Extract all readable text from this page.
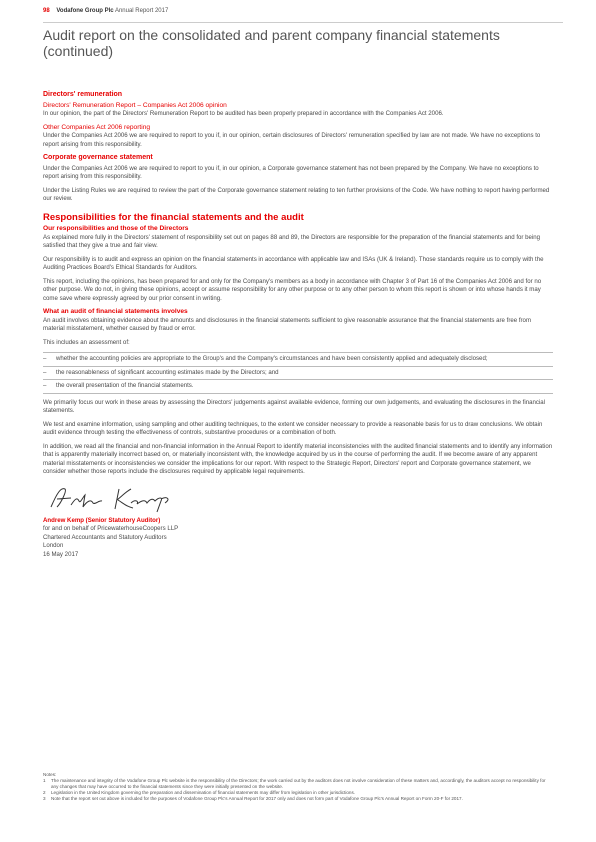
98 Vodafone Group Plc Annual Report 2017
Audit report on the consolidated and parent company financial statements (continued)
Directors' remuneration
Directors' Remuneration Report – Companies Act 2006 opinion

In our opinion, the part of the Directors' Remuneration Report to be audited has been properly prepared in accordance with the Companies Act 2006.

Other Companies Act 2006 reporting

Under the Companies Act 2006 we are required to report to you if, in our opinion, certain disclosures of Directors' remuneration specified by law are not made. We have no exceptions to report arising from this responsibility.

Corporate governance statement

Under the Companies Act 2006 we are required to report to you if, in our opinion, a Corporate governance statement has not been prepared by the Company. We have no exceptions to report arising from this responsibility.

Under the Listing Rules we are required to review the part of the Corporate governance statement relating to ten further provisions of the Code. We have nothing to report having performed our review.

Responsibilities for the financial statements and the audit
Our responsibilities and those of the Directors

As explained more fully in the Directors' statement of responsibility set out on pages 88 and 89, the Directors are responsible for the preparation of the financial statements and for being satisfied that they give a true and fair view.

Our responsibility is to audit and express an opinion on the financial statements in accordance with applicable law and ISAs (UK & Ireland). Those standards require us to comply with the Auditing Practices Board's Ethical Standards for Auditors.

This report, including the opinions, has been prepared for and only for the Company's members as a body in accordance with Chapter 3 of Part 16 of the Companies Act 2006 and for no other purpose. We do not, in giving these opinions, accept or assume responsibility for any other purpose or to any other person to whom this report is shown or into whose hands it may come save where expressly agreed by our prior consent in writing.

What an audit of financial statements involves

An audit involves obtaining evidence about the amounts and disclosures in the financial statements sufficient to give reasonable assurance that the financial statements are free from material misstatement, whether caused by fraud or error.

This includes an assessment of:

– whether the accounting policies are appropriate to the Group's and the Company's circumstances and have been consistently applied and adequately disclosed;
– the reasonableness of significant accounting estimates made by the Directors; and
– the overall presentation of the financial statements.

We primarily focus our work in these areas by assessing the Directors' judgements against available evidence, forming our own judgements, and evaluating the disclosures in the financial statements.

We test and examine information, using sampling and other auditing techniques, to the extent we consider necessary to provide a reasonable basis for us to draw conclusions. We obtain audit evidence through testing the effectiveness of controls, substantive procedures or a combination of both.

In addition, we read all the financial and non-financial information in the Annual Report to identify material inconsistencies with the audited financial statements and to identify any information that is apparently materially incorrect based on, or materially inconsistent with, the knowledge acquired by us in the course of performing the audit. If we become aware of any apparent material misstatements or inconsistencies we consider the implications for our report. With respect to the Strategic Report, Directors' report and Corporate governance statement, we consider whether those reports include the disclosures required by applicable legal requirements.

Andrew Kemp (Senior Statutory Auditor)
for and on behalf of PricewaterhouseCoopers LLP
Chartered Accountants and Statutory Auditors
London
16 May 2017
Notes:
1 The maintenance and integrity of the Vodafone Group Plc website is the responsibility of the Directors; the work carried out by the auditors does not involve consideration of these matters and, accordingly, the auditors accept no responsibility for any changes that may have occurred to the financial statements since they were initially presented on the website.
2 Legislation in the United Kingdom governing the preparation and dissemination of financial statements may differ from legislation in other jurisdictions.
3 Note that the report set out above is included for the purposes of Vodafone Group Plc's Annual Report for 2017 only and does not form part of Vodafone Group Plc's Annual Report on Form 20-F for 2017.
